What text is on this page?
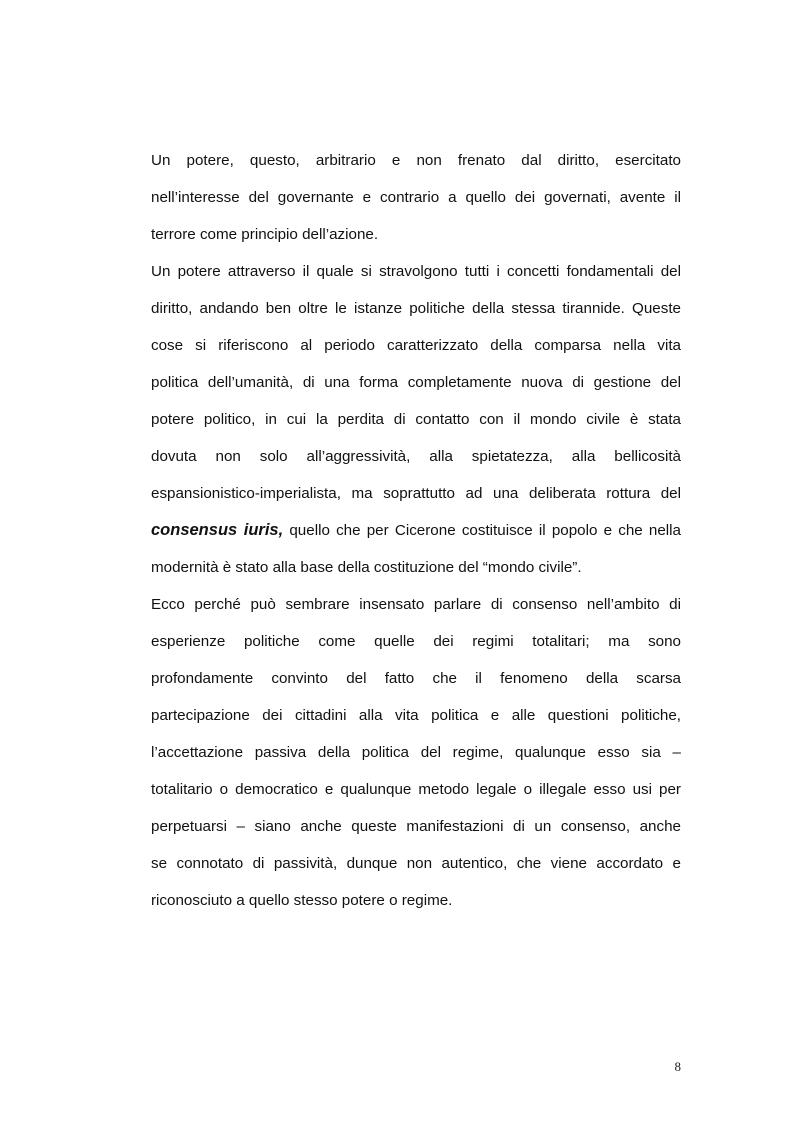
Un potere, questo, arbitrario e non frenato dal diritto, esercitato
nell’interesse del governante e contrario a quello dei governati, avente il
terrore come principio dell’azione.
Un potere attraverso il quale si stravolgono tutti i concetti fondamentali del
diritto, andando ben oltre le istanze politiche della stessa tirannide. Queste
cose si riferiscono al periodo caratterizzato della comparsa nella vita
politica dell’umanità, di una forma completamente nuova di gestione del
potere politico, in cui la perdita di contatto con il mondo civile è stata
dovuta non solo all’aggressività, alla spietatezza, alla bellicosità
espansionistico-imperialista, ma soprattutto ad una deliberata rottura del
consensus iuris, quello che per Cicerone costituisce il popolo e che nella
modernità è stato alla base della costituzione del “mondo civile”.
Ecco perché può sembrare insensato parlare di consenso nell’ambito di
esperienze politiche come quelle dei regimi totalitari; ma sono
profondamente convinto del fatto che il fenomeno della scarsa
partecipazione dei cittadini alla vita politica e alle questioni politiche,
l’accettazione passiva della politica del regime, qualunque esso sia –
totalitario o democratico e qualunque metodo legale o illegale esso usi per
perpetuarsi – siano anche queste manifestazioni di un consenso, anche
se connotato di passività, dunque non autentico, che viene accordato e
riconosciuto a quello stesso potere o regime.
8
